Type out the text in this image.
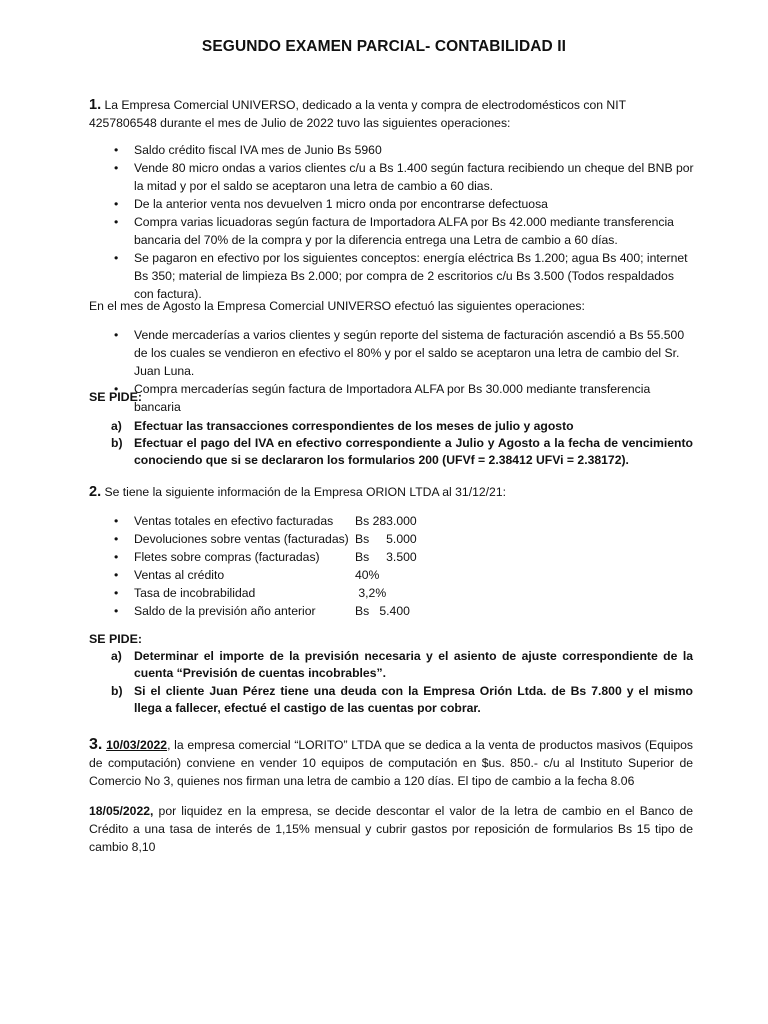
SEGUNDO EXAMEN PARCIAL- CONTABILIDAD II
1. La Empresa Comercial UNIVERSO, dedicado a la venta y compra de electrodomésticos con NIT 4257806548 durante el mes de Julio de 2022 tuvo las siguientes operaciones:
• Saldo crédito fiscal IVA mes de Junio Bs 5960
• Vende 80 micro ondas a varios clientes c/u a Bs 1.400 según factura recibiendo un cheque del BNB por la mitad y por el saldo se aceptaron una letra de cambio a 60 dias.
• De la anterior venta nos devuelven 1 micro onda por encontrarse defectuosa
• Compra varias licuadoras según factura de Importadora ALFA por Bs 42.000 mediante transferencia bancaria del 70% de la compra y por la diferencia entrega una Letra de cambio a 60 días.
• Se pagaron en efectivo por los siguientes conceptos: energía eléctrica Bs 1.200; agua Bs 400; internet Bs 350; material de limpieza Bs 2.000; por compra de 2 escritorios c/u Bs 3.500 (Todos respaldados con factura).
En el mes de Agosto la Empresa Comercial UNIVERSO efectuó las siguientes operaciones:
• Vende mercaderías a varios clientes y según reporte del sistema de facturación ascendió a Bs 55.500 de los cuales se vendieron en efectivo el 80% y por el saldo se aceptaron una letra de cambio del Sr. Juan Luna.
• Compra mercaderías según factura de Importadora ALFA por Bs 30.000 mediante transferencia bancaria
SE PIDE:
a) Efectuar las transacciones correspondientes de los meses de julio y agosto
b) Efectuar el pago del IVA en efectivo correspondiente a Julio y Agosto a la fecha de vencimiento conociendo que si se declararon los formularios 200 (UFVf = 2.38412 UFVi = 2.38172).
2. Se tiene la siguiente información de la Empresa ORION LTDA al 31/12/21:
• Ventas totales en efectivo facturadas	Bs 283.000
• Devoluciones sobre ventas (facturadas) Bs     5.000
• Fletes sobre compras (facturadas)	Bs     3.500
• Ventas al crédito	40%
• Tasa de incobrabilidad	3,2%
• Saldo de la previsión año anterior	Bs   5.400
SE PIDE:
a) Determinar el importe de la previsión necesaria y el asiento de ajuste correspondiente de la cuenta “Previsión de cuentas incobrables”.
b) Si el cliente Juan Pérez tiene una deuda con la Empresa Orión Ltda. de Bs 7.800 y el mismo llega a fallecer, efectué el castigo de las cuentas por cobrar.
3. 10/03/2022, la empresa comercial “LORITO” LTDA que se dedica a la venta de productos masivos (Equipos de computación) conviene en vender 10 equipos de computación en $us. 850.- c/u al Instituto Superior de Comercio No 3, quienes nos firman una letra de cambio a 120 días. El tipo de cambio a la fecha 8.06
18/05/2022, por liquidez en la empresa, se decide descontar el valor de la letra de cambio en el Banco de Crédito a una tasa de interés de 1,15% mensual y cubrir gastos por reposición de formularios Bs 15 tipo de cambio 8,10
